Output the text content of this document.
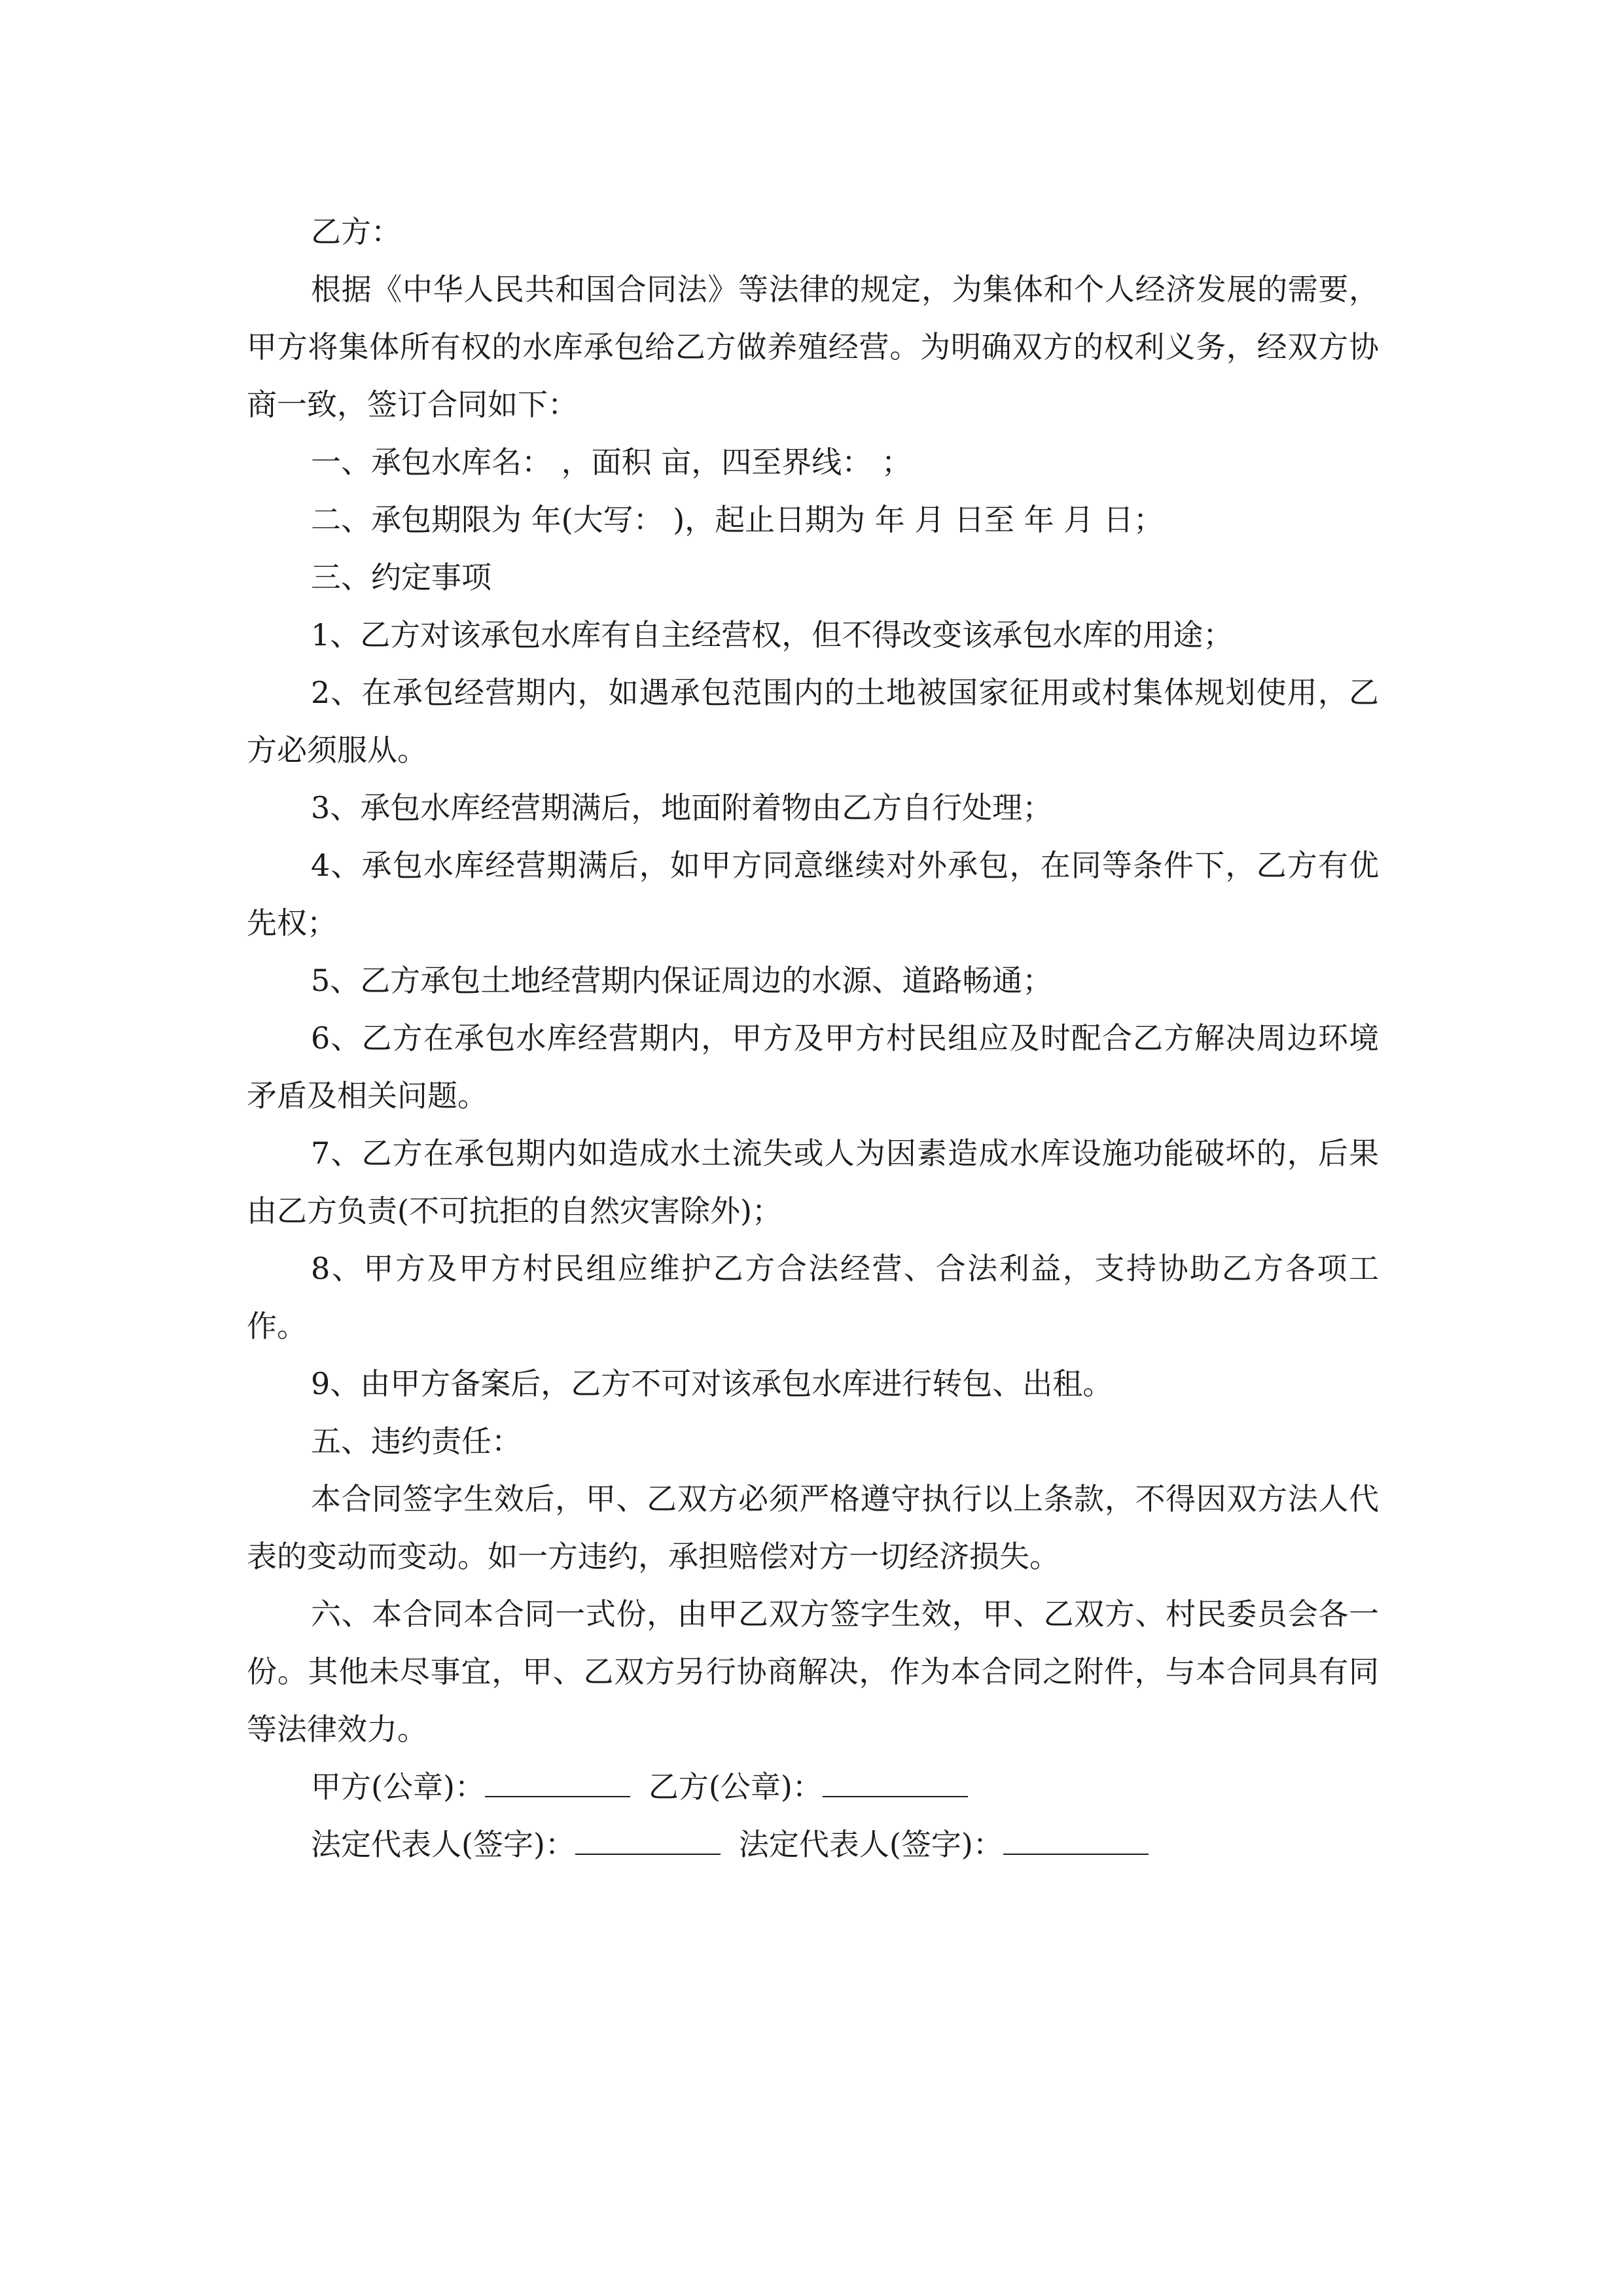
乙方：

根据《中华人民共和国合同法》等法律的规定，为集体和个人经济发展的需要，甲方将集体所有权的水库承包给乙方做养殖经营。为明确双方的权利义务，经双方协商一致，签订合同如下：

一、承包水库名： ，面积 亩，四至界线： ；

二、承包期限为 年(大写： )，起止日期为 年 月 日至 年 月 日；

三、约定事项

1、乙方对该承包水库有自主经营权，但不得改变该承包水库的用途；

2、在承包经营期内，如遇承包范围内的土地被国家征用或村集体规划使用，乙方必须服从。

3、承包水库经营期满后，地面附着物由乙方自行处理；

4、承包水库经营期满后，如甲方同意继续对外承包，在同等条件下，乙方有优先权；

5、乙方承包土地经营期内保证周边的水源、道路畅通；

6、乙方在承包水库经营期内，甲方及甲方村民组应及时配合乙方解决周边环境矛盾及相关问题。

7、乙方在承包期内如造成水土流失或人为因素造成水库设施功能破坏的，后果由乙方负责(不可抗拒的自然灾害除外)；

8、甲方及甲方村民组应维护乙方合法经营、合法利益，支持协助乙方各项工作。

9、由甲方备案后，乙方不可对该承包水库进行转包、出租。

五、违约责任：

本合同签字生效后，甲、乙双方必须严格遵守执行以上条款，不得因双方法人代表的变动而变动。如一方违约，承担赔偿对方一切经济损失。

六、本合同本合同一式份，由甲乙双方签字生效，甲、乙双方、村民委员会各一份。其他未尽事宜，甲、乙双方另行协商解决，作为本合同之附件，与本合同具有同等法律效力。

甲方(公章)：	乙方(公章)：

法定代表人(签字)：	法定代表人(签字)：
